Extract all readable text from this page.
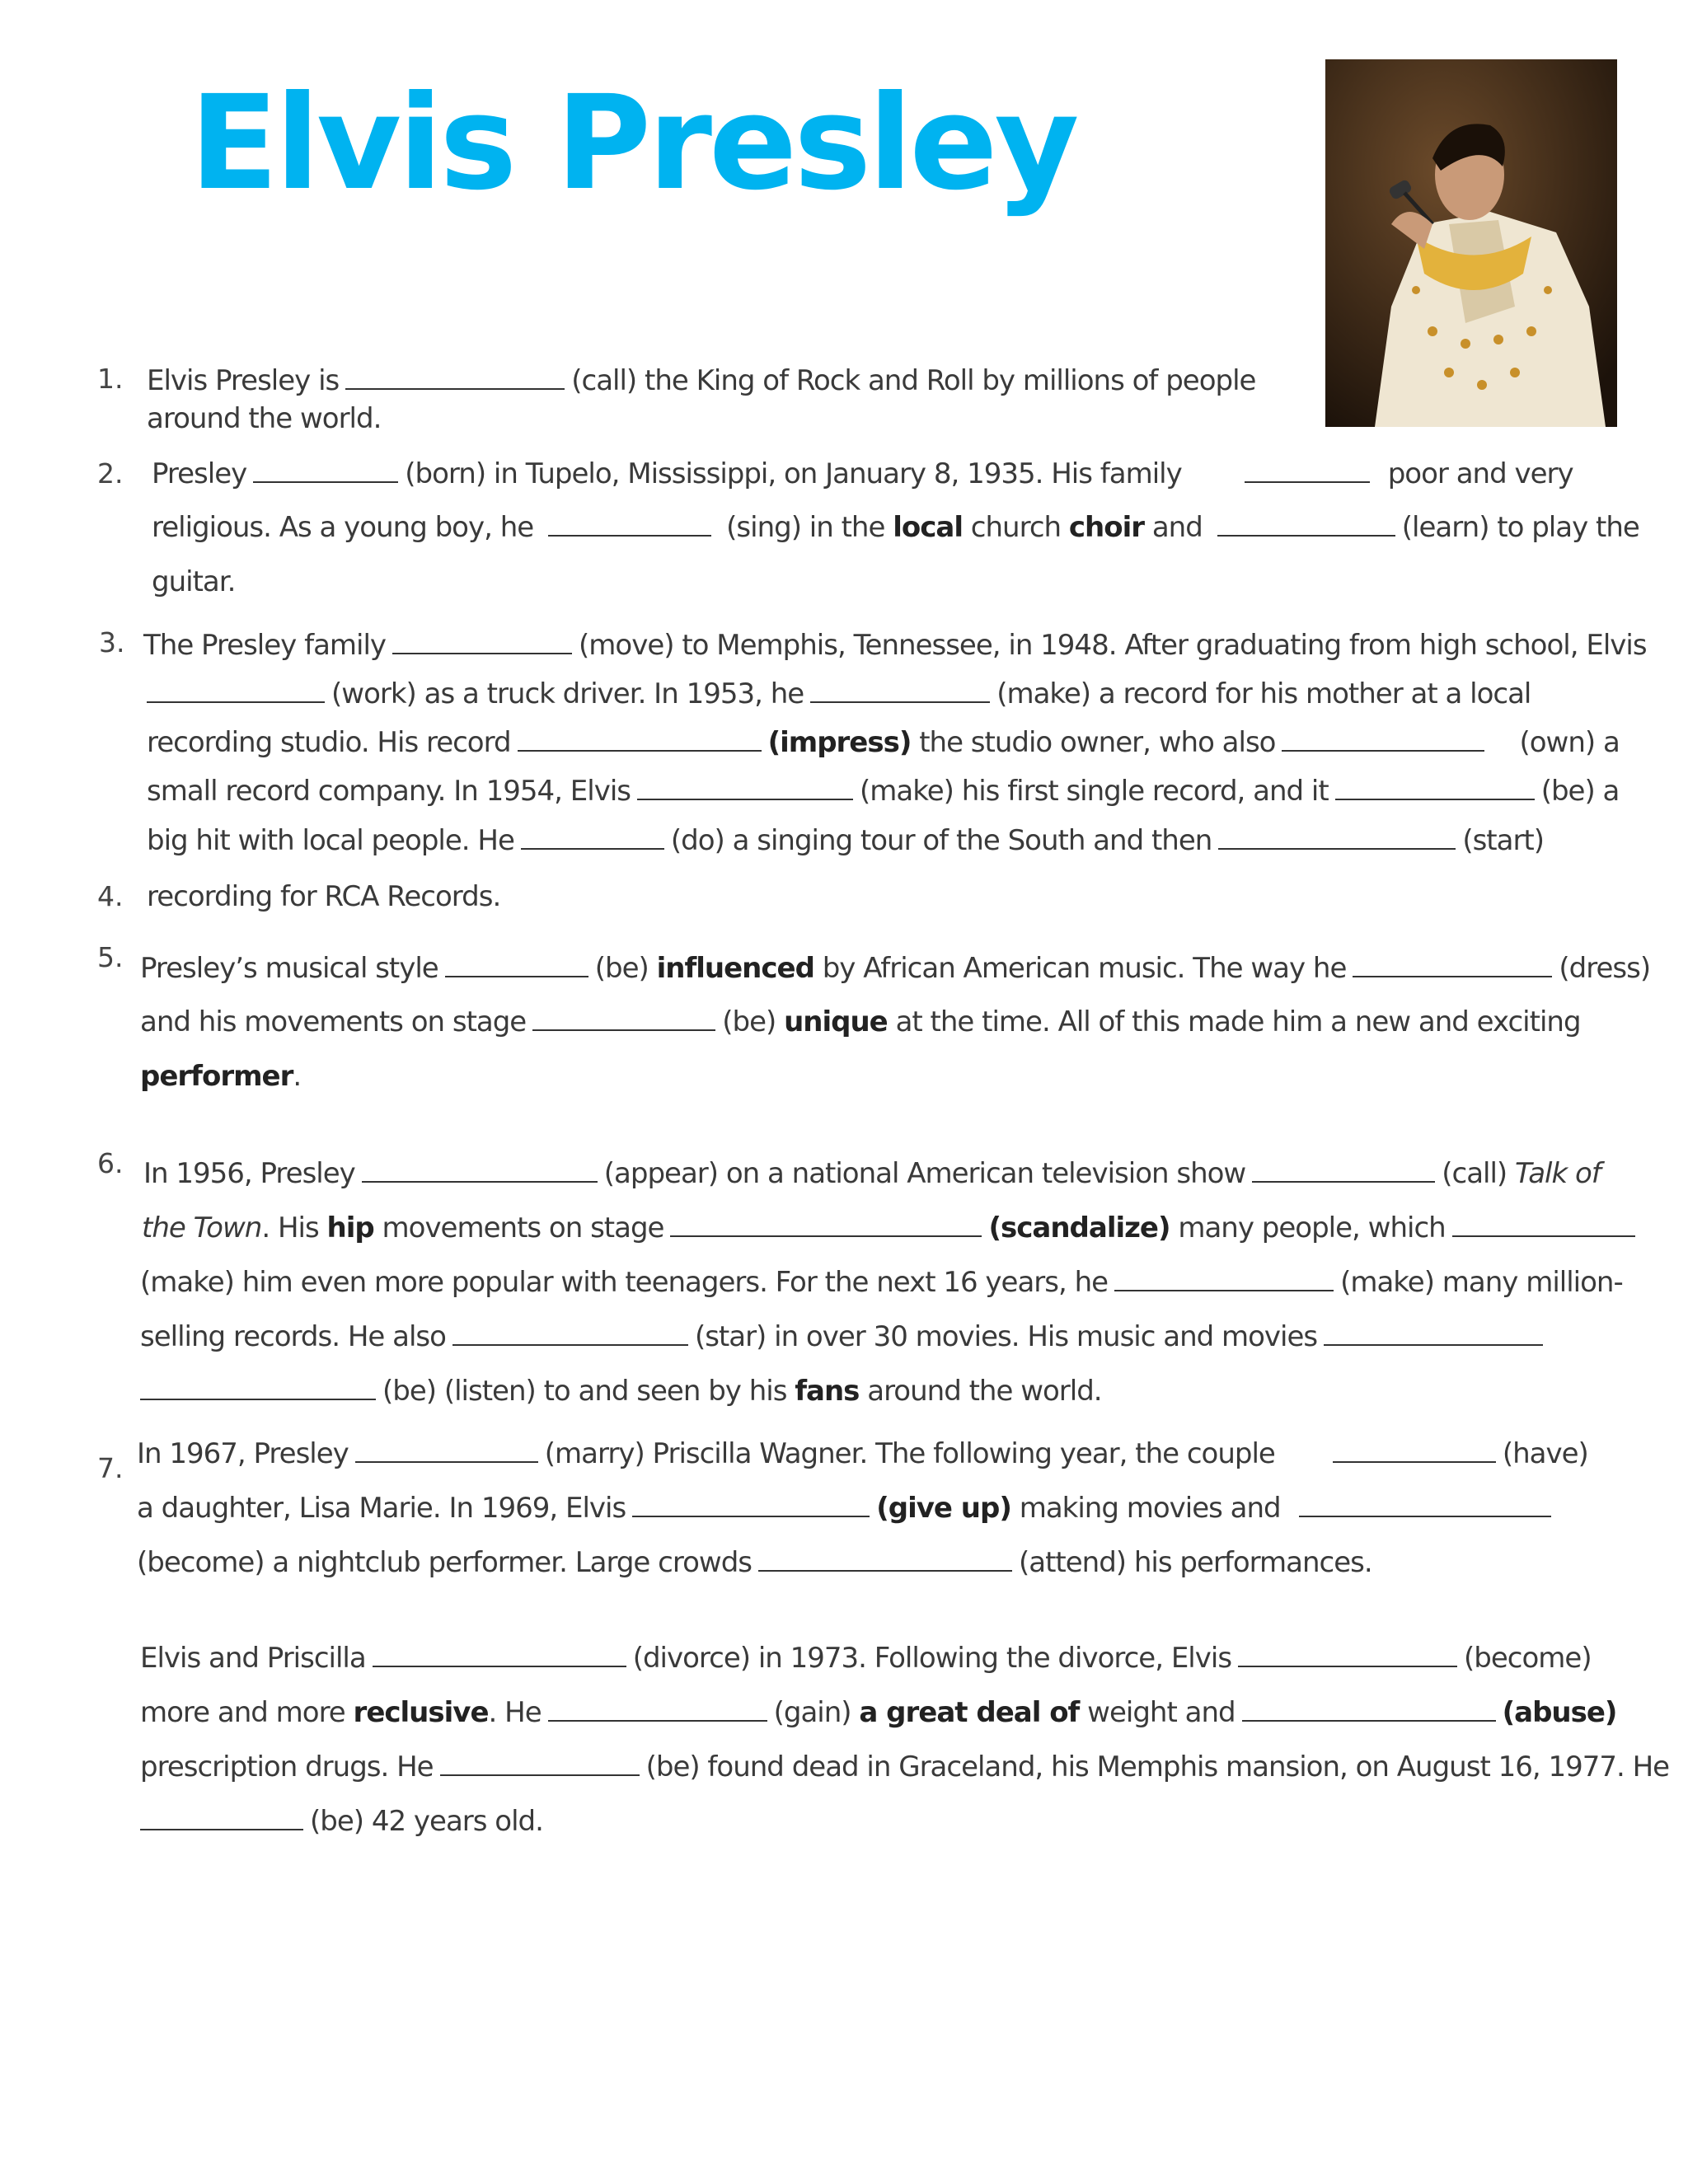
Elvis Presley
1.
2.
3.
4.
5.
6.
7.
Elvis Presley is	(call) the King of Rock and Roll by millions of people
around the world.
Presley	(born) in Tupelo, Mississippi, on January 8, 1935. His family	poor and very
religious. As a young boy, he	(sing) in the local church choir and	(learn) to play the
guitar.
The Presley family	(move) to Memphis, Tennessee, in 1948. After graduating from high school, Elvis
(work) as a truck driver. In 1953, he	(make) a record for his mother at a local
recording studio. His record	(impress) the studio owner, who also	(own) a
small record company. In 1954, Elvis	(make) his first single record, and it	(be) a
big hit with local people. He	(do) a singing tour of the South and then	(start)
recording for RCA Records.
Presley’s musical style	(be) influenced by African American music. The way he	(dress)
and his movements on stage	(be) unique at the time. All of this made him a new and exciting
performer.
In 1956, Presley	(appear) on a national American television show	(call) Talk of
the Town. His hip movements on stage	(scandalize) many people, which
(make) him even more popular with teenagers. For the next 16 years, he	(make) many million-
selling records. He also	(star) in over 30 movies. His music and movies
(be) (listen) to and seen by his fans around the world.
In 1967, Presley	(marry) Priscilla Wagner. The following year, the couple	(have)
a daughter, Lisa Marie. In 1969, Elvis	(give up) making movies and
(become) a nightclub performer. Large crowds	(attend) his performances.
Elvis and Priscilla	(divorce) in 1973. Following the divorce, Elvis	(become)
more and more reclusive. He	(gain) a great deal of weight and	(abuse)
prescription drugs. He	(be) found dead in Graceland, his Memphis mansion, on August 16, 1977. He
(be) 42 years old.
